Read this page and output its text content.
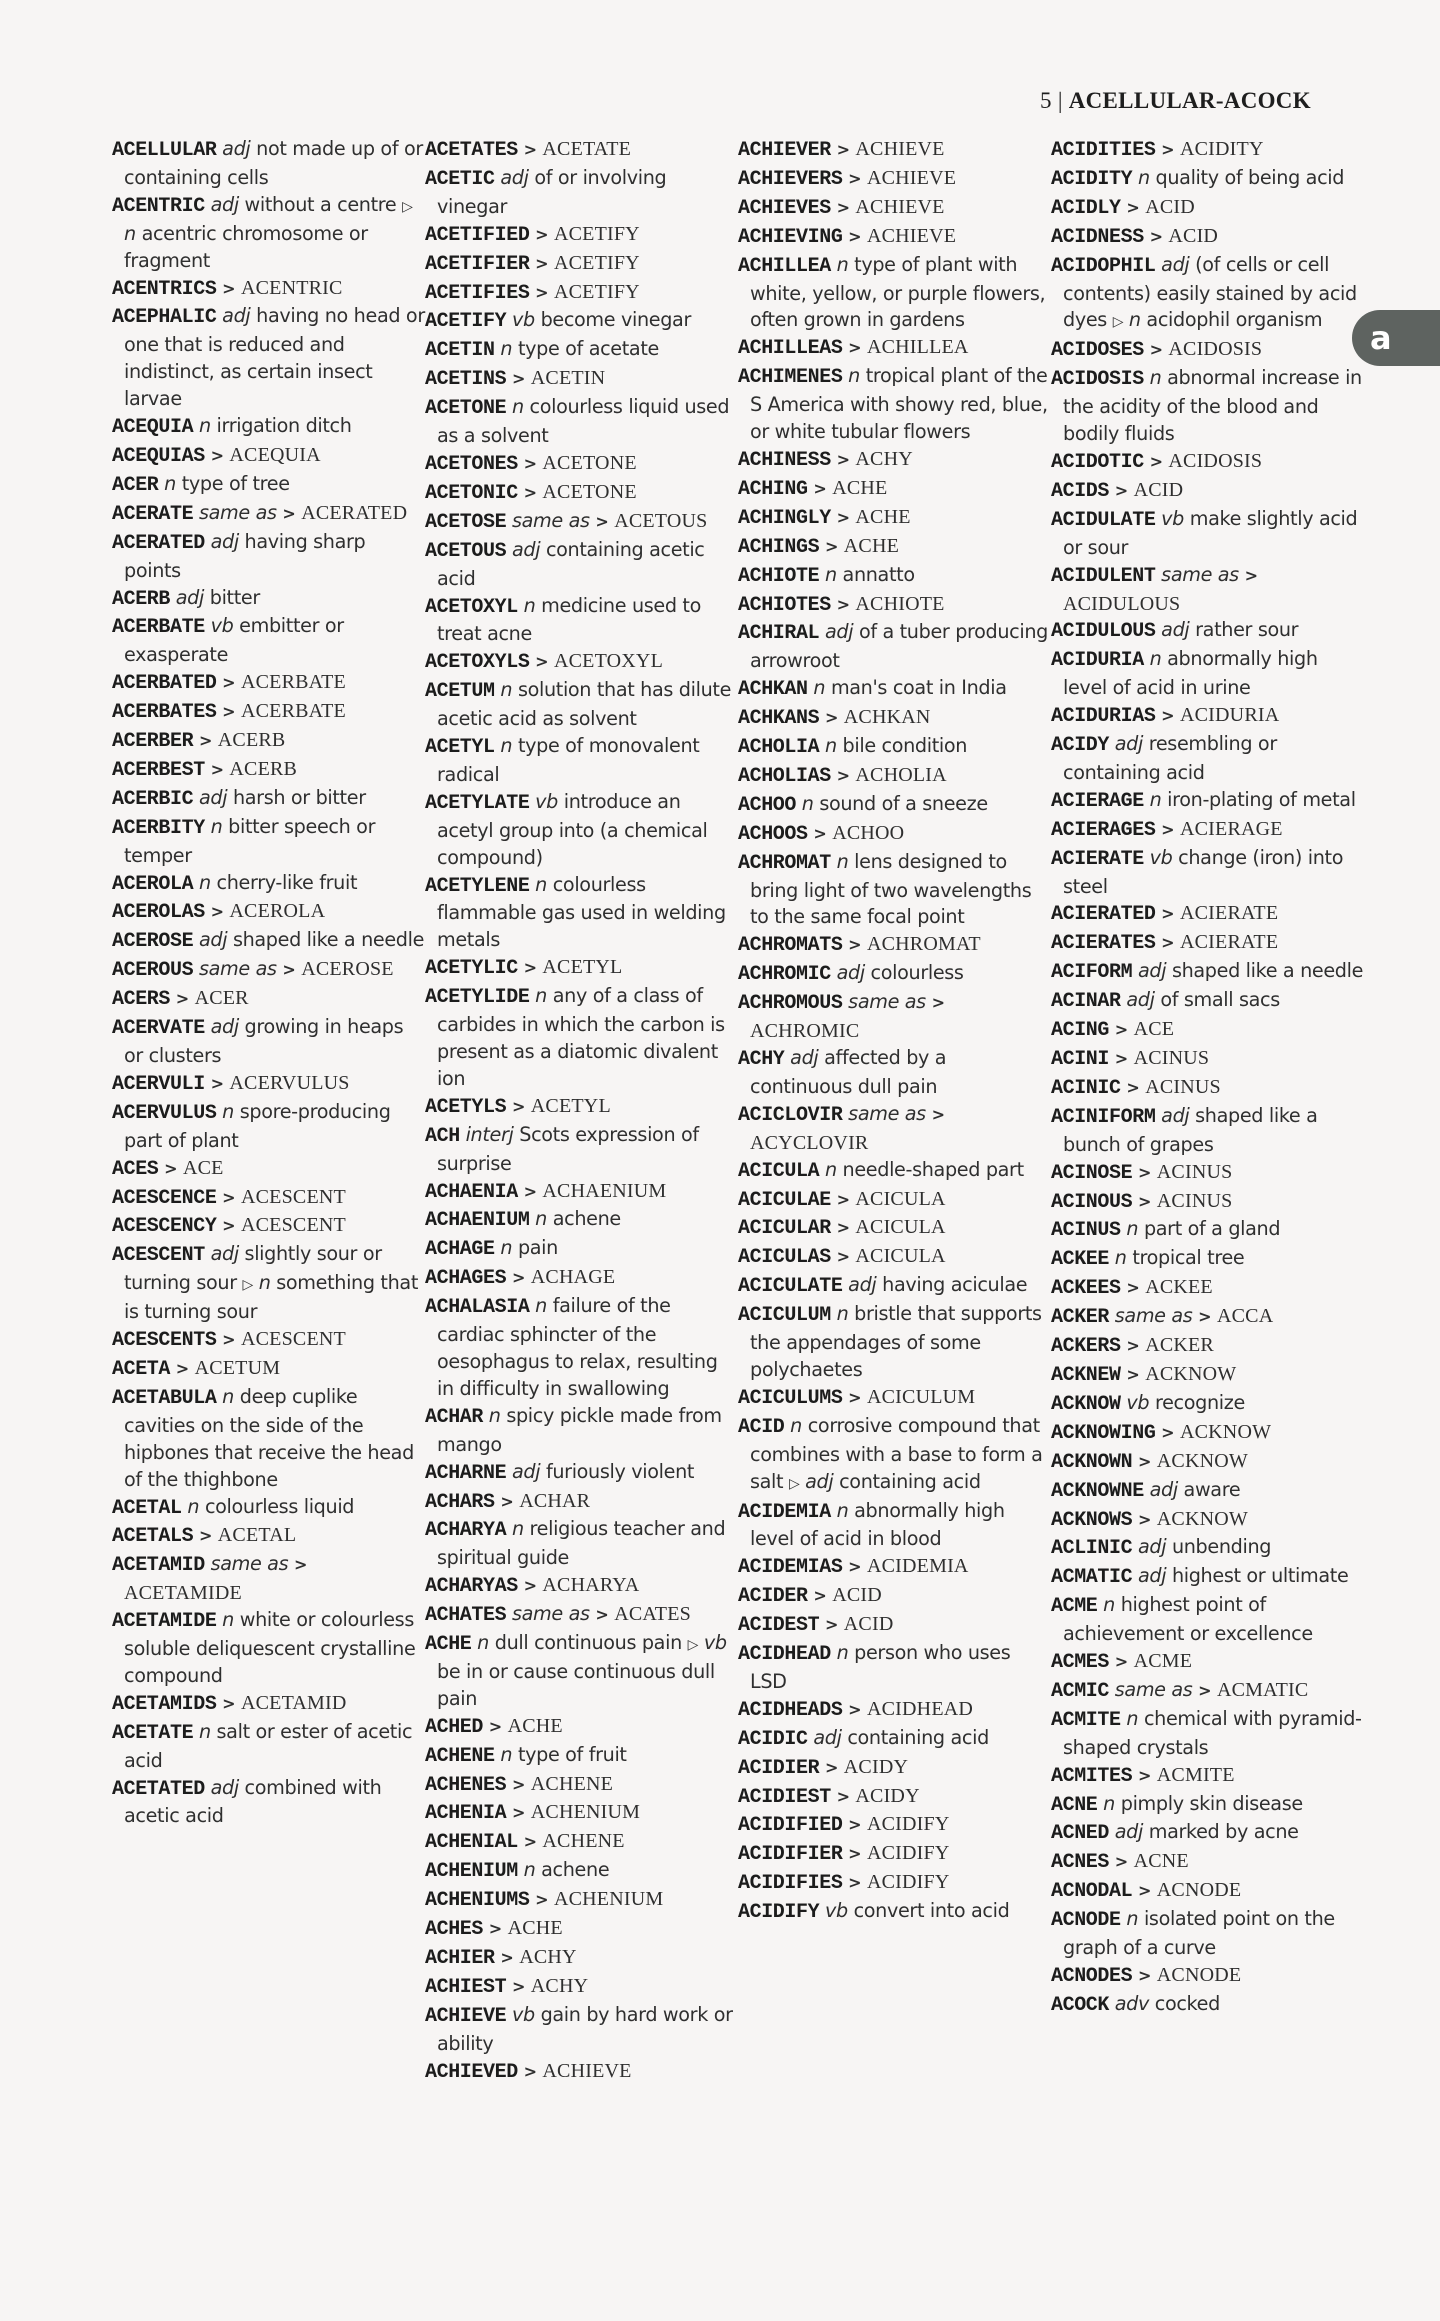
5 | ACELLULAR-ACOCK
a
ACELLULAR adj not made up of or containing cells
ACENTRIC adj without a centre ▷ n acentric chromosome or fragment
ACENTRICS > ACENTRIC
ACEPHALIC adj having no head or one that is reduced and indistinct, as certain insect larvae
ACEQUIA n irrigation ditch
ACEQUIAS > ACEQUIA
ACER n type of tree
ACERATE same as > ACERATED
ACERATED adj having sharp points
ACERB adj bitter
ACERBATE vb embitter or exasperate
ACERBATED > ACERBATE
ACERBATES > ACERBATE
ACERBER > ACERB
ACERBEST > ACERB
ACERBIC adj harsh or bitter
ACERBITY n bitter speech or temper
ACEROLA n cherry-like fruit
ACEROLAS > ACEROLA
ACEROSE adj shaped like a needle
ACEROUS same as > ACEROSE
ACERS > ACER
ACERVATE adj growing in heaps or clusters
ACERVULI > ACERVULUS
ACERVULUS n spore-producing part of plant
ACES > ACE
ACESCENCE > ACESCENT
ACESCENCY > ACESCENT
ACESCENT adj slightly sour or turning sour ▷ n something that is turning sour
ACESCENTS > ACESCENT
ACETA > ACETUM
ACETABULA n deep cuplike cavities on the side of the hipbones that receive the head of the thighbone
ACETAL n colourless liquid
ACETALS > ACETAL
ACETAMID same as > ACETAMIDE
ACETAMIDE n white or colourless soluble deliquescent crystalline compound
ACETAMIDS > ACETAMID
ACETATE n salt or ester of acetic acid
ACETATED adj combined with acetic acid
ACETATES > ACETATE
ACETIC adj of or involving vinegar
ACETIFIED > ACETIFY
ACETIFIER > ACETIFY
ACETIFIES > ACETIFY
ACETIFY vb become vinegar
ACETIN n type of acetate
ACETINS > ACETIN
ACETONE n colourless liquid used as a solvent
ACETONES > ACETONE
ACETONIC > ACETONE
ACETOSE same as > ACETOUS
ACETOUS adj containing acetic acid
ACETOXYL n medicine used to treat acne
ACETOXYLS > ACETOXYL
ACETUM n solution that has dilute acetic acid as solvent
ACETYL n type of monovalent radical
ACETYLATE vb introduce an acetyl group into (a chemical compound)
ACETYLENE n colourless flammable gas used in welding metals
ACETYLIC > ACETYL
ACETYLIDE n any of a class of carbides in which the carbon is present as a diatomic divalent ion
ACETYLS > ACETYL
ACH interj Scots expression of surprise
ACHAENIA > ACHAENIUM
ACHAENIUM n achene
ACHAGE n pain
ACHAGES > ACHAGE
ACHALASIA n failure of the cardiac sphincter of the oesophagus to relax, resulting in difficulty in swallowing
ACHAR n spicy pickle made from mango
ACHARNE adj furiously violent
ACHARS > ACHAR
ACHARYA n religious teacher and spiritual guide
ACHARYAS > ACHARYA
ACHATES same as > ACATES
ACHE n dull continuous pain ▷ vb be in or cause continuous dull pain
ACHED > ACHE
ACHENE n type of fruit
ACHENES > ACHENE
ACHENIA > ACHENIUM
ACHENIAL > ACHENE
ACHENIUM n achene
ACHENIUMS > ACHENIUM
ACHES > ACHE
ACHIER > ACHY
ACHIEST > ACHY
ACHIEVE vb gain by hard work or ability
ACHIEVED > ACHIEVE
ACHIEVER > ACHIEVE
ACHIEVERS > ACHIEVE
ACHIEVES > ACHIEVE
ACHIEVING > ACHIEVE
ACHILLEA n type of plant with white, yellow, or purple flowers, often grown in gardens
ACHILLEAS > ACHILLEA
ACHIMENES n tropical plant of the S America with showy red, blue, or white tubular flowers
ACHINESS > ACHY
ACHING > ACHE
ACHINGLY > ACHE
ACHINGS > ACHE
ACHIOTE n annatto
ACHIOTES > ACHIOTE
ACHIRAL adj of a tuber producing arrowroot
ACHKAN n man's coat in India
ACHKANS > ACHKAN
ACHOLIA n bile condition
ACHOLIAS > ACHOLIA
ACHOO n sound of a sneeze
ACHOOS > ACHOO
ACHROMAT n lens designed to bring light of two wavelengths to the same focal point
ACHROMATS > ACHROMAT
ACHROMIC adj colourless
ACHROMOUS same as > ACHROMIC
ACHY adj affected by a continuous dull pain
ACICLOVIR same as > ACYCLOVIR
ACICULA n needle-shaped part
ACICULAE > ACICULA
ACICULAR > ACICULA
ACICULAS > ACICULA
ACICULATE adj having aciculae
ACICULUM n bristle that supports the appendages of some polychaetes
ACICULUMS > ACICULUM
ACID n corrosive compound that combines with a base to form a salt ▷ adj containing acid
ACIDEMIA n abnormally high level of acid in blood
ACIDEMIAS > ACIDEMIA
ACIDER > ACID
ACIDEST > ACID
ACIDHEAD n person who uses LSD
ACIDHEADS > ACIDHEAD
ACIDIC adj containing acid
ACIDIER > ACIDY
ACIDIEST > ACIDY
ACIDIFIED > ACIDIFY
ACIDIFIER > ACIDIFY
ACIDIFIES > ACIDIFY
ACIDIFY vb convert into acid
ACIDITIES > ACIDITY
ACIDITY n quality of being acid
ACIDLY > ACID
ACIDNESS > ACID
ACIDOPHIL adj (of cells or cell contents) easily stained by acid dyes ▷ n acidophil organism
ACIDOSES > ACIDOSIS
ACIDOSIS n abnormal increase in the acidity of the blood and bodily fluids
ACIDOTIC > ACIDOSIS
ACIDS > ACID
ACIDULATE vb make slightly acid or sour
ACIDULENT same as > ACIDULOUS
ACIDULOUS adj rather sour
ACIDURIA n abnormally high level of acid in urine
ACIDURIAS > ACIDURIA
ACIDY adj resembling or containing acid
ACIERAGE n iron-plating of metal
ACIERAGES > ACIERAGE
ACIERATE vb change (iron) into steel
ACIERATED > ACIERATE
ACIERATES > ACIERATE
ACIFORM adj shaped like a needle
ACINAR adj of small sacs
ACING > ACE
ACINI > ACINUS
ACINIC > ACINUS
ACINIFORM adj shaped like a bunch of grapes
ACINOSE > ACINUS
ACINOUS > ACINUS
ACINUS n part of a gland
ACKEE n tropical tree
ACKEES > ACKEE
ACKER same as > ACCA
ACKERS > ACKER
ACKNEW > ACKNOW
ACKNOW vb recognize
ACKNOWING > ACKNOW
ACKNOWN > ACKNOW
ACKNOWNE adj aware
ACKNOWS > ACKNOW
ACLINIC adj unbending
ACMATIC adj highest or ultimate
ACME n highest point of achievement or excellence
ACMES > ACME
ACMIC same as > ACMATIC
ACMITE n chemical with pyramid-shaped crystals
ACMITES > ACMITE
ACNE n pimply skin disease
ACNED adj marked by acne
ACNES > ACNE
ACNODAL > ACNODE
ACNODE n isolated point on the graph of a curve
ACNODES > ACNODE
ACOCK adv cocked
